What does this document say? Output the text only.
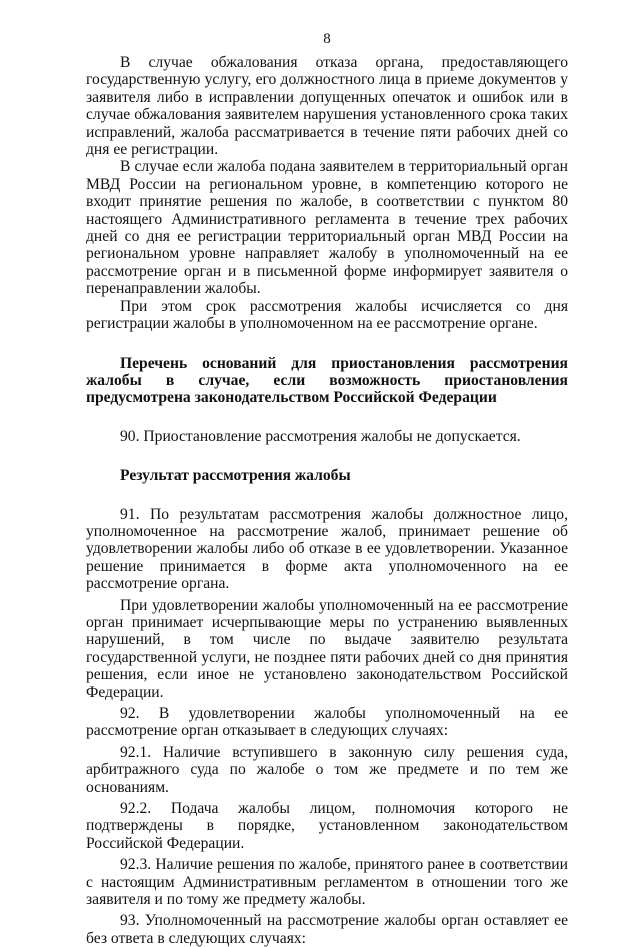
8

В случае обжалования отказа органа, предоставляющего государственную услугу, его должностного лица в приеме документов у заявителя либо в исправлении допущенных опечаток и ошибок или в случае обжалования заявителем нарушения установленного срока таких исправлений, жалоба рассматривается в течение пяти рабочих дней со дня ее регистрации.

В случае если жалоба подана заявителем в территориальный орган МВД России на региональном уровне, в компетенцию которого не входит принятие решения по жалобе, в соответствии с пунктом 80 настоящего Административного регламента в течение трех рабочих дней со дня ее регистрации территориальный орган МВД России на региональном уровне направляет жалобу в уполномоченный на ее рассмотрение орган и в письменной форме информирует заявителя о перенаправлении жалобы.

При этом срок рассмотрения жалобы исчисляется со дня регистрации жалобы в уполномоченном на ее рассмотрение органе.

Перечень оснований для приостановления рассмотрения жалобы в случае, если возможность приостановления предусмотрена законодательством Российской Федерации

90. Приостановление рассмотрения жалобы не допускается.

Результат рассмотрения жалобы

91. По результатам рассмотрения жалобы должностное лицо, уполномоченное на рассмотрение жалоб, принимает решение об удовлетворении жалобы либо об отказе в ее удовлетворении. Указанное решение принимается в форме акта уполномоченного на ее рассмотрение органа.

При удовлетворении жалобы уполномоченный на ее рассмотрение орган принимает исчерпывающие меры по устранению выявленных нарушений, в том числе по выдаче заявителю результата государственной услуги, не позднее пяти рабочих дней со дня принятия решения, если иное не установлено законодательством Российской Федерации.

92. В удовлетворении жалобы уполномоченный на ее рассмотрение орган отказывает в следующих случаях:

92.1. Наличие вступившего в законную силу решения суда, арбитражного суда по жалобе о том же предмете и по тем же основаниям.

92.2. Подача жалобы лицом, полномочия которого не подтверждены в порядке, установленном законодательством Российской Федерации.

92.3. Наличие решения по жалобе, принятого ранее в соответствии с настоящим Административным регламентом в отношении того же заявителя и по тому же предмету жалобы.

93. Уполномоченный на рассмотрение жалобы орган оставляет ее без ответа в следующих случаях:
